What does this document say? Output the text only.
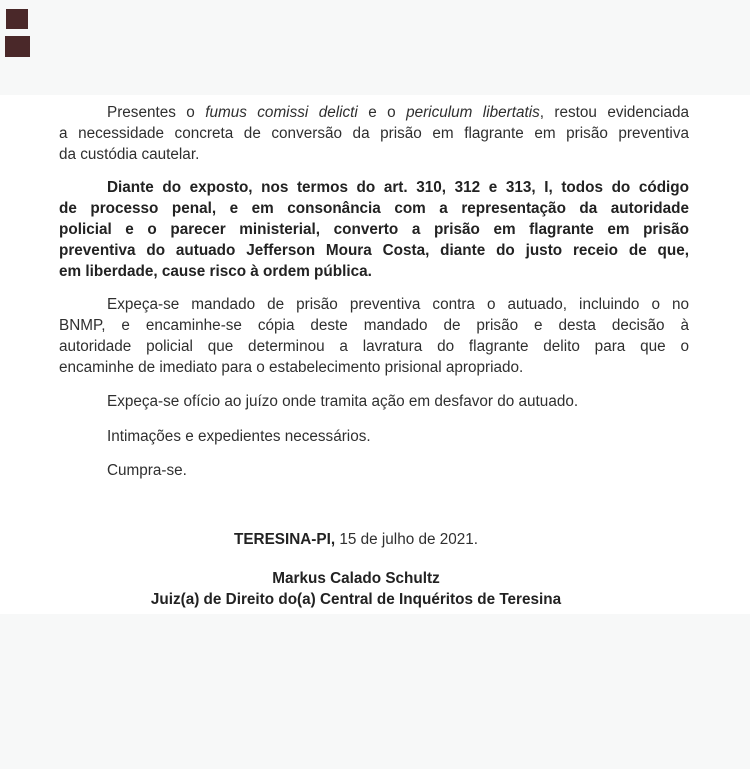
Presentes o fumus comissi delicti e o periculum libertatis, restou evidenciada
a necessidade concreta de conversão da prisão em flagrante em prisão preventiva
da custódia cautelar.
Diante do exposto, nos termos do art. 310, 312 e 313, I, todos do código
de processo penal, e em consonância com a representação da autoridade
policial e o parecer ministerial, converto a prisão em flagrante em prisão
preventiva do autuado Jefferson Moura Costa, diante do justo receio de que,
em liberdade, cause risco à ordem pública.
Expeça-se mandado de prisão preventiva contra o autuado, incluindo o no
BNMP, e encaminhe-se cópia deste mandado de prisão e desta decisão à
autoridade policial que determinou a lavratura do flagrante delito para que o
encaminhe de imediato para o estabelecimento prisional apropriado.
Expeça-se ofício ao juízo onde tramita ação em desfavor do autuado.
Intimações e expedientes necessários.
Cumpra-se.
TERESINA-PI, 15 de julho de 2021.
Markus Calado Schultz
Juiz(a) de Direito do(a) Central de Inquéritos de Teresina
